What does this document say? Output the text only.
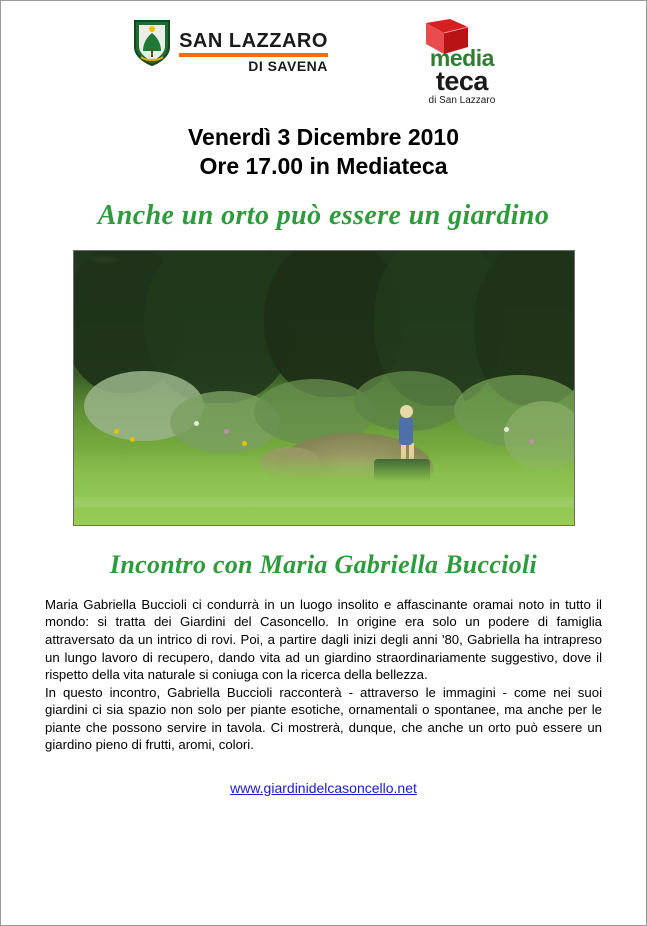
SAN LAZZARO
DI SAVENA	media
teca
di San Lazzaro
Venerdì 3 Dicembre 2010
Ore 17.00 in Mediateca
Anche un orto può essere un giardino
Incontro con Maria Gabriella Buccioli

Maria Gabriella Buccioli ci condurrà in un luogo insolito e affascinante oramai noto in tutto il mondo: si tratta dei Giardini del Casoncello. In origine era solo un podere di famiglia attraversato da un intrico di rovi. Poi, a partire dagli inizi degli anni '80, Gabriella ha intrapreso un lungo lavoro di recupero, dando vita ad un giardino straordinariamente suggestivo, dove il rispetto della vita naturale si coniuga con la ricerca della bellezza.

In questo incontro, Gabriella Buccioli racconterà - attraverso le immagini - come nei suoi giardini ci sia spazio non solo per piante esotiche, ornamentali o spontanee, ma anche per le piante che possono servire in tavola. Ci mostrerà, dunque, che anche un orto può essere un giardino pieno di frutti, aromi, colori.

www.giardinidelcasoncello.net
